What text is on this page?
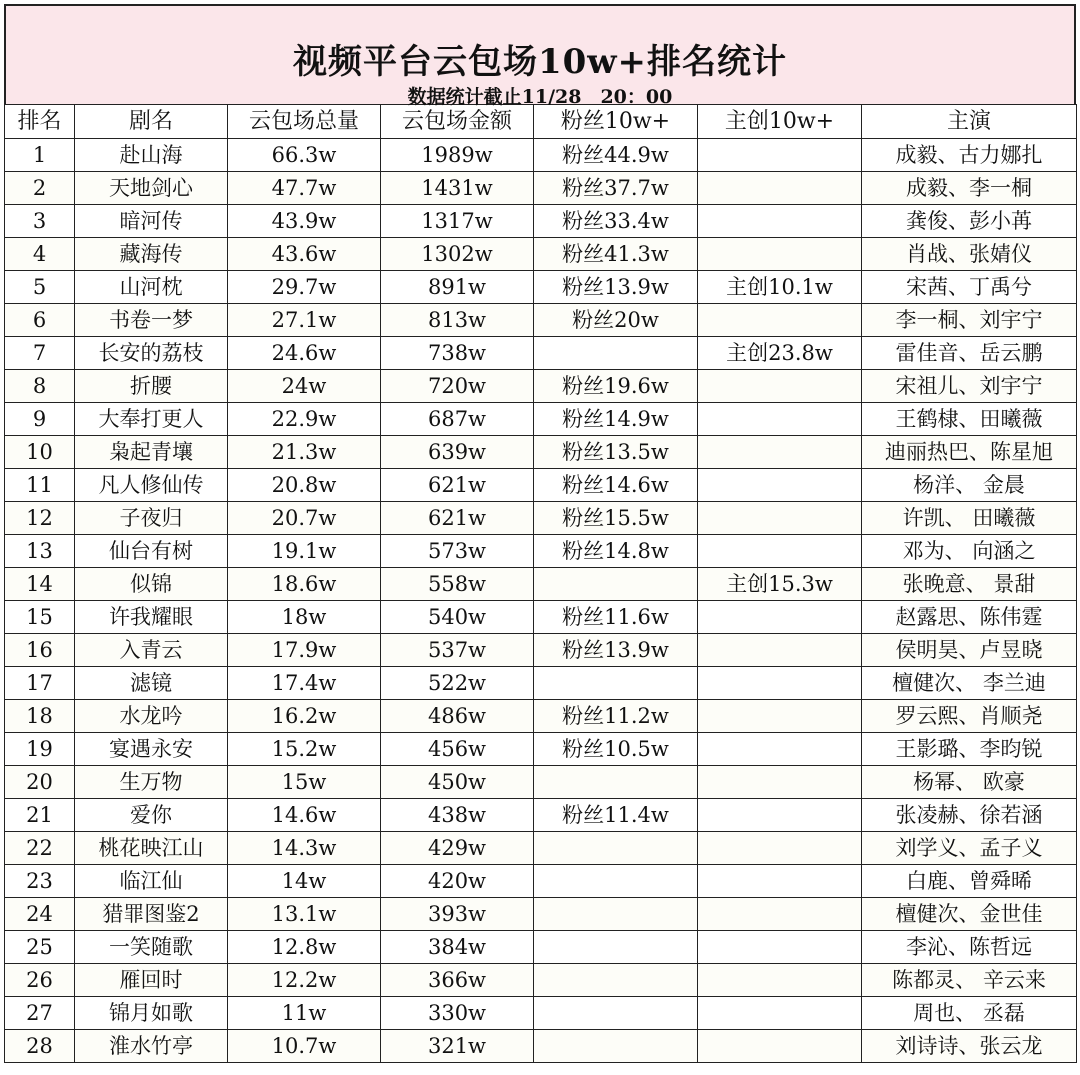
视频平台云包场10w+排名统计
数据统计截止11/28　20：00
排名	剧名	云包场总量	云包场金额	粉丝10w+	主创10w+	主演
1	赴山海	66.3w	1989w	粉丝44.9w		成毅、古力娜扎
2	天地剑心	47.7w	1431w	粉丝37.7w		成毅、李一桐
3	暗河传	43.9w	1317w	粉丝33.4w		龚俊、彭小苒
4	藏海传	43.6w	1302w	粉丝41.3w		肖战、张婧仪
5	山河枕	29.7w	891w	粉丝13.9w	主创10.1w	宋茜、丁禹兮
6	书卷一梦	27.1w	813w	粉丝20w		李一桐、刘宇宁
7	长安的荔枝	24.6w	738w		主创23.8w	雷佳音、岳云鹏
8	折腰	24w	720w	粉丝19.6w		宋祖儿、刘宇宁
9	大奉打更人	22.9w	687w	粉丝14.9w		王鹤棣、田曦薇
10	枭起青壤	21.3w	639w	粉丝13.5w		迪丽热巴、陈星旭
11	凡人修仙传	20.8w	621w	粉丝14.6w		杨洋、 金晨
12	子夜归	20.7w	621w	粉丝15.5w		许凯、 田曦薇
13	仙台有树	19.1w	573w	粉丝14.8w		邓为、 向涵之
14	似锦	18.6w	558w		主创15.3w	张晚意、 景甜
15	许我耀眼	18w	540w	粉丝11.6w		赵露思、陈伟霆
16	入青云	17.9w	537w	粉丝13.9w		侯明昊、卢昱晓
17	滤镜	17.4w	522w			檀健次、 李兰迪
18	水龙吟	16.2w	486w	粉丝11.2w		罗云熙、肖顺尧
19	宴遇永安	15.2w	456w	粉丝10.5w		王影璐、李昀锐
20	生万物	15w	450w			杨幂、 欧豪
21	爱你	14.6w	438w	粉丝11.4w		张凌赫、徐若涵
22	桃花映江山	14.3w	429w			刘学义、孟子义
23	临江仙	14w	420w			白鹿、曾舜晞
24	猎罪图鉴2	13.1w	393w			檀健次、金世佳
25	一笑随歌	12.8w	384w			李沁、陈哲远
26	雁回时	12.2w	366w			陈都灵、 辛云来
27	锦月如歌	11w	330w			周也、 丞磊
28	淮水竹亭	10.7w	321w			刘诗诗、张云龙
